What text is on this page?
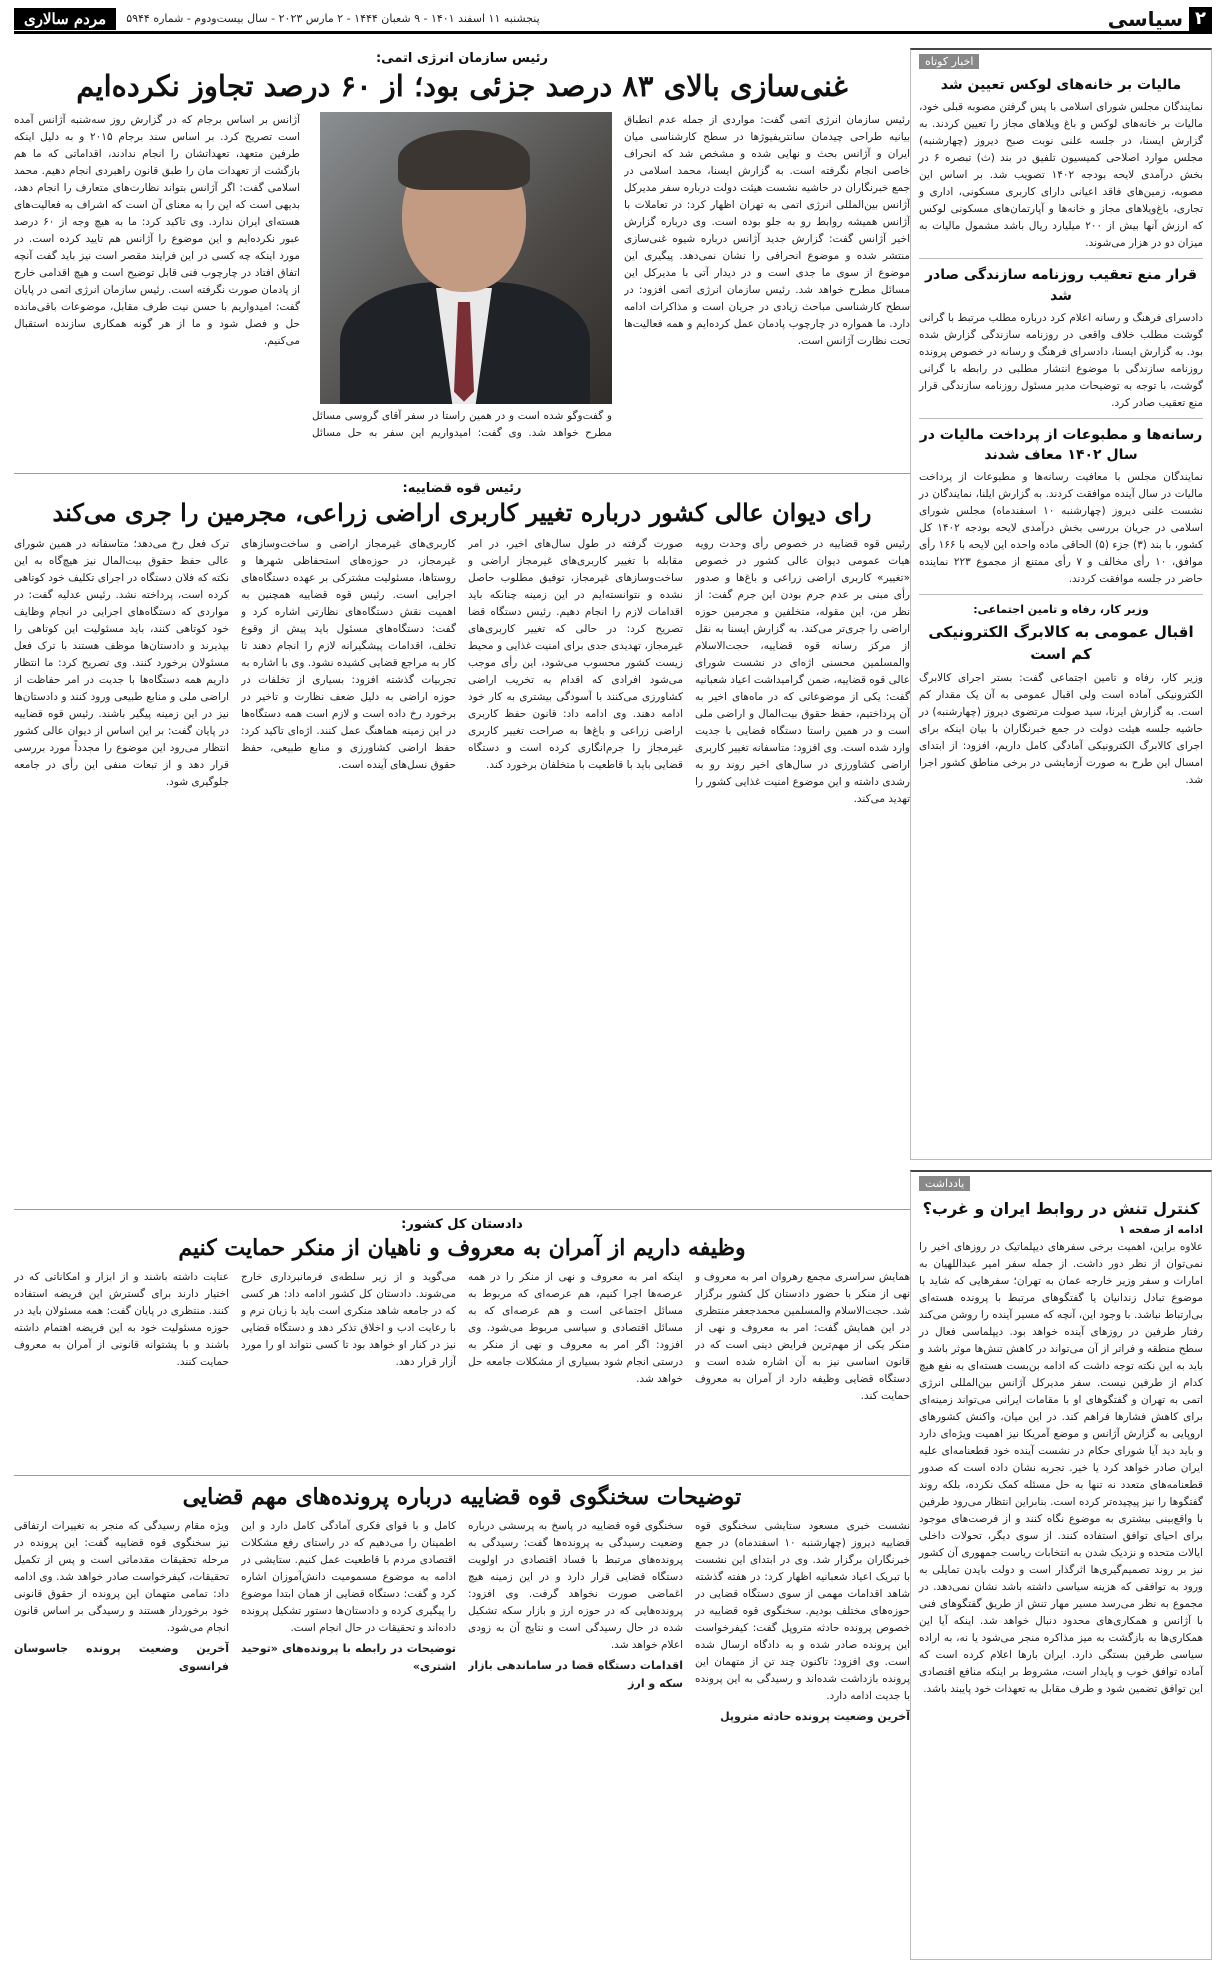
۲
سیاسی
پنجشنبه ۱۱ اسفند ۱۴۰۱ - ۹ شعبان ۱۴۴۴ - ۲ مارس ۲۰۲۳ - سال بیست‌ودوم - شماره ۵۹۴۴
مردم سالاری
اخبار کوتاه
مالیات بر خانه‌های لوکس تعیین شد

نمایندگان مجلس شورای اسلامی با پس گرفتن مصوبه قبلی خود، مالیات بر خانه‌های لوکس و باغ ویلاهای مجاز را تعیین کردند. به گزارش ایسنا، در جلسه علنی نوبت صبح دیروز (چهارشنبه) مجلس موارد اصلاحی کمیسیون تلفیق در بند (ث) تبصره ۶ در بخش درآمدی لایحه بودجه ۱۴۰۲ تصویب شد. بر اساس این مصوبه، زمین‌های فاقد اعیانی دارای کاربری مسکونی، اداری و تجاری، باغ‌ویلاهای مجاز و خانه‌ها و آپارتمان‌های مسکونی لوکس که ارزش آنها بیش از ۲۰۰ میلیارد ریال باشد مشمول مالیات به میزان دو در هزار می‌شوند.

قرار منع تعقیب روزنامه سازندگی صادر شد

دادسرای فرهنگ و رسانه اعلام کرد درباره مطلب مرتبط با گرانی گوشت مطلب خلاف واقعی در روزنامه سازندگی گزارش شده بود. به گزارش ایسنا، دادسرای فرهنگ و رسانه در خصوص پرونده روزنامه سازندگی با موضوع انتشار مطلبی در رابطه با گرانی گوشت، با توجه به توضیحات مدیر مسئول روزنامه سازندگی قرار منع تعقیب صادر کرد.

رسانه‌ها و مطبوعات از پرداخت مالیات در سال ۱۴۰۲ معاف شدند

نمایندگان مجلس با معافیت رسانه‌ها و مطبوعات از پرداخت مالیات در سال آینده موافقت کردند. به گزارش ایلنا، نمایندگان در نشست علنی دیروز (چهارشنبه ۱۰ اسفندماه) مجلس شورای اسلامی در جریان بررسی بخش درآمدی لایحه بودجه ۱۴۰۲ کل کشور، با بند (۳) جزء (۵) الحاقی ماده واحده این لایحه با ۱۶۶ رأی موافق، ۱۰ رأی مخالف و ۷ رأی ممتنع از مجموع ۲۲۳ نماینده حاضر در جلسه موافقت کردند.

وزیر کار، رفاه و تامین اجتماعی:
اقبال عمومی به کالابرگ الکترونیکی کم است

وزیر کار، رفاه و تامین اجتماعی گفت: بستر اجرای کالابرگ الکترونیکی آماده است ولی اقبال عمومی به آن یک مقدار کم است. به گزارش ایرنا، سید صولت مرتضوی دیروز (چهارشنبه) در حاشیه جلسه هیئت دولت در جمع خبرنگاران با بیان اینکه برای اجرای کالابرگ الکترونیکی آمادگی کامل داریم، افزود: از ابتدای امسال این طرح به صورت آزمایشی در برخی مناطق کشور اجرا شد.

یادداشت
کنترل تنش در روابط ایران و غرب؟
ادامه از صفحه ۱

علاوه براین، اهمیت برخی سفرهای دیپلماتیک در روزهای اخیر را نمی‌توان از نظر دور داشت. از جمله سفر امیر عبداللهیان به امارات و سفر وزیر خارجه عمان به تهران؛ سفرهایی که شاید با موضوع تبادل زندانیان یا گفتگوهای مرتبط با پرونده هسته‌ای بی‌ارتباط نباشد. با وجود این، آنچه که مسیر آینده را روشن می‌کند رفتار طرفین در روزهای آینده خواهد بود. دیپلماسی فعال در سطح منطقه و فراتر از آن می‌تواند در کاهش تنش‌ها موثر باشد و باید به این نکته توجه داشت که ادامه بن‌بست هسته‌ای به نفع هیچ کدام از طرفین نیست. سفر مدیرکل آژانس بین‌المللی انرژی اتمی به تهران و گفتگوهای او با مقامات ایرانی می‌تواند زمینه‌ای برای کاهش فشارها فراهم کند. در این میان، واکنش کشورهای اروپایی به گزارش آژانس و موضع آمریکا نیز اهمیت ویژه‌ای دارد و باید دید آیا شورای حکام در نشست آینده خود قطعنامه‌ای علیه ایران صادر خواهد کرد یا خیر. تجربه نشان داده است که صدور قطعنامه‌های متعدد نه تنها به حل مسئله کمک نکرده، بلکه روند گفتگوها را نیز پیچیده‌تر کرده است. بنابراین انتظار می‌رود طرفین با واقع‌بینی بیشتری به موضوع نگاه کنند و از فرصت‌های موجود برای احیای توافق استفاده کنند. از سوی دیگر، تحولات داخلی ایالات متحده و نزدیک شدن به انتخابات ریاست جمهوری آن کشور نیز بر روند تصمیم‌گیری‌ها اثرگذار است و دولت بایدن تمایلی به ورود به توافقی که هزینه سیاسی داشته باشد نشان نمی‌دهد. در مجموع به نظر می‌رسد مسیر مهار تنش از طریق گفتگوهای فنی با آژانس و همکاری‌های محدود دنبال خواهد شد. اینکه آیا این همکاری‌ها به بازگشت به میز مذاکره منجر می‌شود یا نه، به اراده سیاسی طرفین بستگی دارد. ایران بارها اعلام کرده است که آماده توافق خوب و پایدار است، مشروط بر اینکه منافع اقتصادی این توافق تضمین شود و طرف مقابل به تعهدات خود پایبند باشد.

رئیس سازمان انرژی اتمی:
غنی‌سازی بالای ۸۳ درصد جزئی بود؛ از ۶۰ درصد تجاوز نکرده‌ایم
رئیس سازمان انرژی اتمی گفت: مواردی از جمله عدم انطباق بیانیه طراحی چیدمان سانتریفیوژها در سطح کارشناسی میان ایران و آژانس بحث و نهایی شده و مشخص شد که انحراف خاصی انجام نگرفته است. به گزارش ایسنا، محمد اسلامی در جمع خبرنگاران در حاشیه نشست هیئت دولت درباره سفر مدیرکل آژانس بین‌المللی انرژی اتمی به تهران اظهار کرد: در تعاملات با آژانس همیشه روابط رو به جلو بوده است. وی درباره گزارش اخیر آژانس گفت: گزارش جدید آژانس درباره شیوه غنی‌سازی منتشر شده و موضوع انحرافی را نشان نمی‌دهد. پیگیری این موضوع از سوی ما جدی است و در دیدار آتی با مدیرکل این مسائل مطرح خواهد شد. رئیس سازمان انرژی اتمی افزود: در سطح کارشناسی مباحث زیادی در جریان است و مذاکرات ادامه دارد. ما همواره در چارچوب پادمان عمل کرده‌ایم و همه فعالیت‌ها تحت نظارت آژانس است.
و گفت‌وگو شده است و در همین راستا در سفر آقای گروسی مسائل مطرح خواهد شد. وی گفت: امیدواریم این سفر به حل مسائل
آژانس بر اساس برجام که در گزارش روز سه‌شنبه آژانس آمده است تصریح کرد. بر اساس سند برجام ۲۰۱۵ و به دلیل اینکه طرفین متعهد، تعهداتشان را انجام ندادند، اقداماتی که ما هم بازگشت از تعهدات مان را طبق قانون راهبردی انجام دهیم. محمد اسلامی گفت: اگر آژانس بتواند نظارت‌های متعارف را انجام دهد، بدیهی است که این را به معنای آن است که اشراف به فعالیت‌های هسته‌ای ایران ندارد. وی تاکید کرد: ما به هیچ وجه از ۶۰ درصد عبور نکرده‌ایم و این موضوع را آژانس هم تایید کرده است. در مورد اینکه چه کسی در این فرایند مقصر است نیز باید گفت آنچه اتفاق افتاد در چارچوب فنی قابل توضیح است و هیچ اقدامی خارج از پادمان صورت نگرفته است. رئیس سازمان انرژی اتمی در پایان گفت: امیدواریم با حسن نیت طرف مقابل، موضوعات باقی‌مانده حل و فصل شود و ما از هر گونه همکاری سازنده استقبال می‌کنیم.
رئیس قوه قضاییه:
رای دیوان عالی کشور درباره تغییر کاربری اراضی زراعی، مجرمین را جری می‌کند
رئیس قوه قضاییه در خصوص رأی وحدت رویه هیات عمومی دیوان عالی کشور در خصوص «تغییر» کاربری اراضی زراعی و باغ‌ها و صدور رأی مبنی بر عدم جرم بودن این جرم گفت: از نظر من، این مقوله، متخلفین و مجرمین حوزه اراضی را جری‌تر می‌کند. به گزارش ایسنا به نقل از مرکز رسانه قوه قضاییه، حجت‌الاسلام والمسلمین محسنی اژه‌ای در نشست شورای عالی قوه قضاییه، ضمن گرامیداشت اعیاد شعبانیه گفت: یکی از موضوعاتی که در ماه‌های اخیر به آن پرداختیم، حفظ حقوق بیت‌المال و اراضی ملی است و در همین راستا دستگاه قضایی با جدیت وارد شده است. وی افزود: متاسفانه تغییر کاربری اراضی کشاورزی در سال‌های اخیر روند رو به رشدی داشته و این موضوع امنیت غذایی کشور را تهدید می‌کند.
صورت گرفته در طول سال‌های اخیر، در امر مقابله با تغییر کاربری‌های غیرمجاز اراضی و ساخت‌وسازهای غیرمجاز، توفیق مطلوب حاصل نشده و نتوانسته‌ایم در این زمینه چنانکه باید اقدامات لازم را انجام دهیم. رئیس دستگاه قضا تصریح کرد: در حالی که تغییر کاربری‌های غیرمجاز، تهدیدی جدی برای امنیت غذایی و محیط زیست کشور محسوب می‌شود، این رأی موجب می‌شود افرادی که اقدام به تخریب اراضی کشاورزی می‌کنند با آسودگی بیشتری به کار خود ادامه دهند. وی ادامه داد: قانون حفظ کاربری اراضی زراعی و باغ‌ها به صراحت تغییر کاربری غیرمجاز را جرم‌انگاری کرده است و دستگاه قضایی باید با قاطعیت با متخلفان برخورد کند.
کاربری‌های غیرمجاز اراضی و ساخت‌وسازهای غیرمجاز، در حوزه‌های استحفاظی شهرها و روستاها، مسئولیت مشترکی بر عهده دستگاه‌های اجرایی است. رئیس قوه قضاییه همچنین به اهمیت نقش دستگاه‌های نظارتی اشاره کرد و گفت: دستگاه‌های مسئول باید پیش از وقوع تخلف، اقدامات پیشگیرانه لازم را انجام دهند تا کار به مراجع قضایی کشیده نشود. وی با اشاره به تجربیات گذشته افزود: بسیاری از تخلفات در حوزه اراضی به دلیل ضعف نظارت و تاخیر در برخورد رخ داده است و لازم است همه دستگاه‌ها در این زمینه هماهنگ عمل کنند. اژه‌ای تاکید کرد: حفظ اراضی کشاورزی و منابع طبیعی، حفظ حقوق نسل‌های آینده است.
ترک فعل رخ می‌دهد؛ متاسفانه در همین شورای عالی حفظ حقوق بیت‌المال نیز هیچ‌گاه به این نکته که فلان دستگاه در اجرای تکلیف خود کوتاهی کرده است، پرداخته نشد. رئیس عدلیه گفت: در مواردی که دستگاه‌های اجرایی در انجام وظایف خود کوتاهی کنند، باید مسئولیت این کوتاهی را بپذیرند و دادستان‌ها موظف هستند با ترک فعل مسئولان برخورد کنند. وی تصریح کرد: ما انتظار داریم همه دستگاه‌ها با جدیت در امر حفاظت از اراضی ملی و منابع طبیعی ورود کنند و دادستان‌ها نیز در این زمینه پیگیر باشند. رئیس قوه قضاییه در پایان گفت: بر این اساس از دیوان عالی کشور انتظار می‌رود این موضوع را مجدداً مورد بررسی قرار دهد و از تبعات منفی این رأی در جامعه جلوگیری شود.
دادستان کل کشور:
وظیفه داریم از آمران به معروف و ناهیان از منکر حمایت کنیم
همایش سراسری مجمع رهروان امر به معروف و نهی از منکر با حضور دادستان کل کشور برگزار شد. حجت‌الاسلام والمسلمین محمدجعفر منتظری در این همایش گفت: امر به معروف و نهی از منکر یکی از مهم‌ترین فرایض دینی است که در قانون اساسی نیز به آن اشاره شده است و دستگاه قضایی وظیفه دارد از آمران به معروف حمایت کند.
اینکه امر به معروف و نهی از منکر را در همه عرصه‌ها اجرا کنیم، هم عرصه‌ای که مربوط به مسائل اجتماعی است و هم عرصه‌ای که به مسائل اقتصادی و سیاسی مربوط می‌شود. وی افزود: اگر امر به معروف و نهی از منکر به درستی انجام شود بسیاری از مشکلات جامعه حل خواهد شد.
می‌گوید و از زیر سلطه‌ی فرمانبرداری خارج می‌شوند. دادستان کل کشور ادامه داد: هر کسی که در جامعه شاهد منکری است باید با زبان نرم و با رعایت ادب و اخلاق تذکر دهد و دستگاه قضایی نیز در کنار او خواهد بود تا کسی نتواند او را مورد آزار قرار دهد.
عنایت داشته باشند و از ابزار و امکاناتی که در اختیار دارند برای گسترش این فریضه استفاده کنند. منتظری در پایان گفت: همه مسئولان باید در حوزه مسئولیت خود به این فریضه اهتمام داشته باشند و با پشتوانه قانونی از آمران به معروف حمایت کنند.
توضیحات سخنگوی قوه قضاییه درباره پرونده‌های مهم قضایی

نشست خبری مسعود ستایشی سخنگوی قوه قضاییه دیروز (چهارشنبه ۱۰ اسفندماه) در جمع خبرنگاران برگزار شد. وی در ابتدای این نشست با تبریک اعیاد شعبانیه اظهار کرد: در هفته گذشته شاهد اقدامات مهمی از سوی دستگاه قضایی در حوزه‌های مختلف بودیم. سخنگوی قوه قضاییه در خصوص پرونده حادثه متروپل گفت: کیفرخواست این پرونده صادر شده و به دادگاه ارسال شده است. وی افزود: تاکنون چند تن از متهمان این پرونده بازداشت شده‌اند و رسیدگی به این پرونده با جدیت ادامه دارد.

آخرین وضعیت پرونده حادثه متروپل

سخنگوی قوه قضاییه در پاسخ به پرسشی درباره وضعیت رسیدگی به پرونده‌ها گفت: رسیدگی به پرونده‌های مرتبط با فساد اقتصادی در اولویت دستگاه قضایی قرار دارد و در این زمینه هیچ اغماضی صورت نخواهد گرفت. وی افزود: پرونده‌هایی که در حوزه ارز و بازار سکه تشکیل شده در حال رسیدگی است و نتایج آن به زودی اعلام خواهد شد.

اقدامات دستگاه قضا در ساماندهی بازار سکه و ارز

کامل و با قوای فکری آمادگی کامل دارد و این اطمینان را می‌دهیم که در راستای رفع مشکلات اقتصادی مردم با قاطعیت عمل کنیم. ستایشی در ادامه به موضوع مسمومیت دانش‌آموزان اشاره کرد و گفت: دستگاه قضایی از همان ابتدا موضوع را پیگیری کرده و دادستان‌ها دستور تشکیل پرونده داده‌اند و تحقیقات در حال انجام است.

توضیحات در رابطه با پرونده‌های «توحید اشتری»

ویژه مقام رسیدگی که منجر به تغییرات ارتفاقی نیز سخنگوی قوه قضاییه گفت: این پرونده در مرحله تحقیقات مقدماتی است و پس از تکمیل تحقیقات، کیفرخواست صادر خواهد شد. وی ادامه داد: تمامی متهمان این پرونده از حقوق قانونی خود برخوردار هستند و رسیدگی بر اساس قانون انجام می‌شود.

آخرین وضعیت پرونده جاسوسان فرانسوی
